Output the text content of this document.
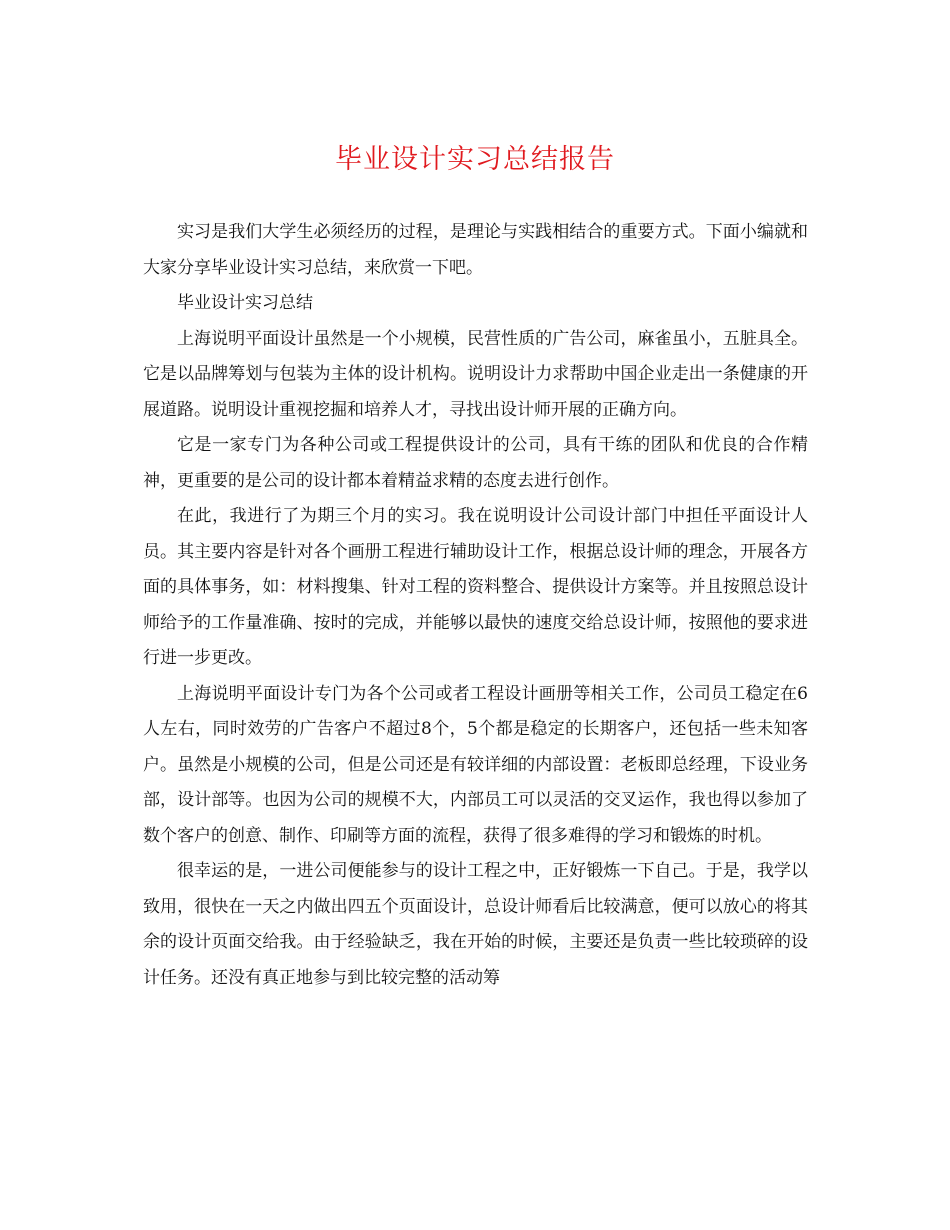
毕业设计实习总结报告

实习是我们大学生必须经历的过程，是理论与实践相结合的重要方式。下面小编就和大家分享毕业设计实习总结，来欣赏一下吧。

毕业设计实习总结

上海说明平面设计虽然是一个小规模，民营性质的广告公司，麻雀虽小，五脏具全。它是以品牌筹划与包装为主体的设计机构。说明设计力求帮助中国企业走出一条健康的开展道路。说明设计重视挖掘和培养人才，寻找出设计师开展的正确方向。

它是一家专门为各种公司或工程提供设计的公司，具有干练的团队和优良的合作精神，更重要的是公司的设计都本着精益求精的态度去进行创作。

在此，我进行了为期三个月的实习。我在说明设计公司设计部门中担任平面设计人员。其主要内容是针对各个画册工程进行辅助设计工作，根据总设计师的理念，开展各方面的具体事务，如：材料搜集、针对工程的资料整合、提供设计方案等。并且按照总设计师给予的工作量准确、按时的完成，并能够以最快的速度交给总设计师，按照他的要求进行进一步更改。

上海说明平面设计专门为各个公司或者工程设计画册等相关工作，公司员工稳定在6人左右，同时效劳的广告客户不超过8个，5个都是稳定的长期客户，还包括一些未知客户。虽然是小规模的公司，但是公司还是有较详细的内部设置：老板即总经理，下设业务部，设计部等。也因为公司的规模不大，内部员工可以灵活的交叉运作，我也得以参加了数个客户的创意、制作、印刷等方面的流程，获得了很多难得的学习和锻炼的时机。

很幸运的是，一进公司便能参与的设计工程之中，正好锻炼一下自己。于是，我学以致用，很快在一天之内做出四五个页面设计，总设计师看后比较满意，便可以放心的将其余的设计页面交给我。由于经验缺乏，我在开始的时候，主要还是负责一些比较琐碎的设计任务。还没有真正地参与到比较完整的活动筹
